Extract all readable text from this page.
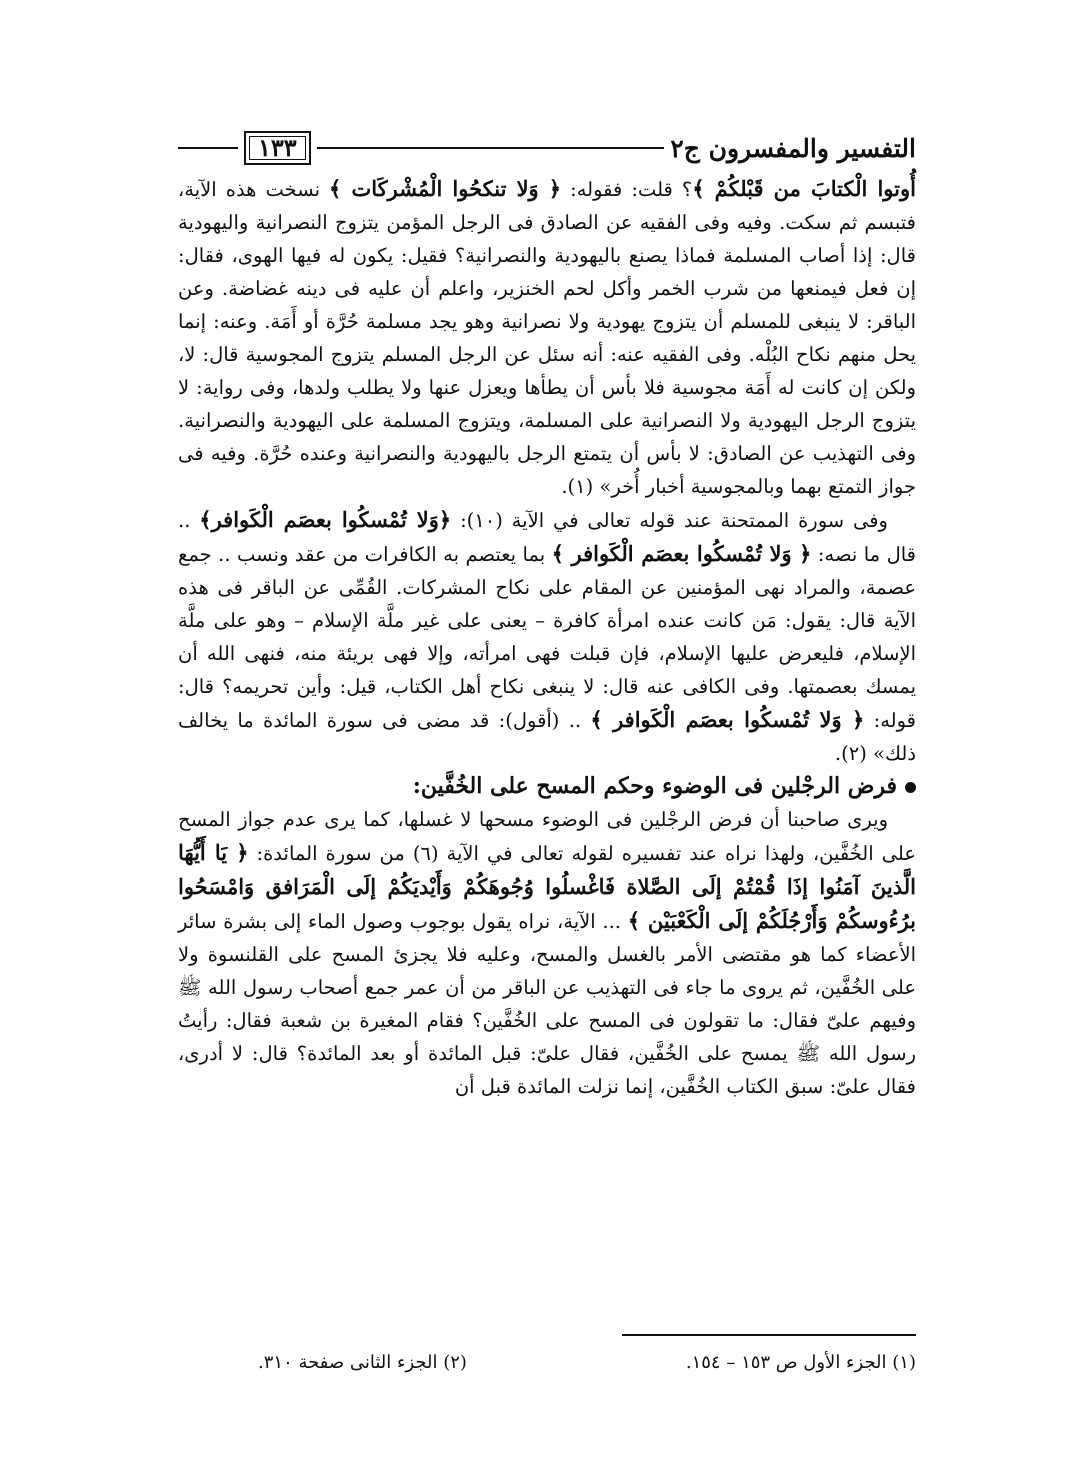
التفسير والمفسرون ج٢
١٣٣

أُوتوا الْكتابَ من قَبْلكُمْ ﴾؟ قلت: فقوله: ﴿ وَلا تنكحُوا الْمُشْركَات ﴾ نسخت هذه الآية، فتبسم ثم سكت. وفيه وفى الفقيه عن الصادق فى الرجل المؤمن يتزوج النصرانية واليهودية قال: إذا أصاب المسلمة فماذا يصنع باليهودية والنصرانية؟ فقيل: يكون له فيها الهوى، فقال: إن فعل فيمنعها من شرب الخمر وأكل لحم الخنزير، واعلم أن عليه فى دينه غضاضة. وعن الباقر: لا ينبغى للمسلم أن يتزوج يهودية ولا نصرانية وهو يجد مسلمة حُرَّة أو أَمَة. وعنه: إنما يحل منهم نكاح البُلْه. وفى الفقيه عنه: أنه سئل عن الرجل المسلم يتزوج المجوسية قال: لا، ولكن إن كانت له أَمَة مجوسية فلا بأس أن يطأها ويعزل عنها ولا يطلب ولدها، وفى رواية: لا يتزوج الرجل اليهودية ولا النصرانية على المسلمة، ويتزوج المسلمة على اليهودية والنصرانية. وفى التهذيب عن الصادق: لا بأس أن يتمتع الرجل باليهودية والنصرانية وعنده حُرَّة. وفيه فى جواز التمتع بهما وبالمجوسية أخبار أُخر» (١).

وفى سورة الممتحنة عند قوله تعالى في الآية (١٠): ﴿وَلا تُمْسكُوا بعصَم الْكَوافر﴾ .. قال ما نصه: ﴿ وَلا تُمْسكُوا بعصَم الْكَوافر ﴾ بما يعتصم به الكافرات من عقد ونسب .. جمع عصمة، والمراد نهى المؤمنين عن المقام على نكاح المشركات. القُمِّى عن الباقر فى هذه الآية قال: يقول: مَن كانت عنده امرأة كافرة – يعنى على غير ملَّة الإسلام – وهو على ملَّة الإسلام، فليعرض عليها الإسلام، فإن قبلت فهى امرأته، وإلا فهى بريئة منه، فنهى الله أن يمسك بعصمتها. وفى الكافى عنه قال: لا ينبغى نكاح أهل الكتاب، قيل: وأين تحريمه؟ قال: قوله: ﴿ وَلا تُمْسكُوا بعصَم الْكَوافر ﴾ .. (أقول): قد مضى فى سورة المائدة ما يخالف ذلك» (٢).

فرض الرجْلين فى الوضوء وحكم المسح على الخُفَّين:

ويرى صاحبنا أن فرض الرجْلين فى الوضوء مسحها لا غسلها، كما يرى عدم جواز المسح على الخُفَّين، ولهذا نراه عند تفسيره لقوله تعالى في الآية (٦) من سورة المائدة: ﴿ يَا أَيُّهَا الَّذينَ آمَنُوا إذَا قُمْتُمْ إلَى الصَّلاة فَاغْسلُوا وُجُوهَكُمْ وَأَيْديَكُمْ إلَى الْمَرَافق وَامْسَحُوا برُءُوسكُمْ وَأَرْجُلَكُمْ إلَى الْكَعْبَيْن ﴾ ... الآية، نراه يقول بوجوب وصول الماء إلى بشرة سائر الأعضاء كما هو مقتضى الأمر بالغسل والمسح، وعليه فلا يجزئ المسح على القلنسوة ولا على الخُفَّين، ثم يروى ما جاء فى التهذيب عن الباقر من أن عمر جمع أصحاب رسول الله ﷺ وفيهم علىّ فقال: ما تقولون فى المسح على الخُفَّين؟ فقام المغيرة بن شعبة فقال: رأيتُ رسول الله ﷺ يمسح على الخُفَّين، فقال علىّ: قبل المائدة أو بعد المائدة؟ قال: لا أدرى، فقال علىّ: سبق الكتاب الخُفَّين، إنما نزلت المائدة قبل أن

(١) الجزء الأول ص ١٥٣ – ١٥٤.
(٢) الجزء الثانى صفحة ٣١٠.
